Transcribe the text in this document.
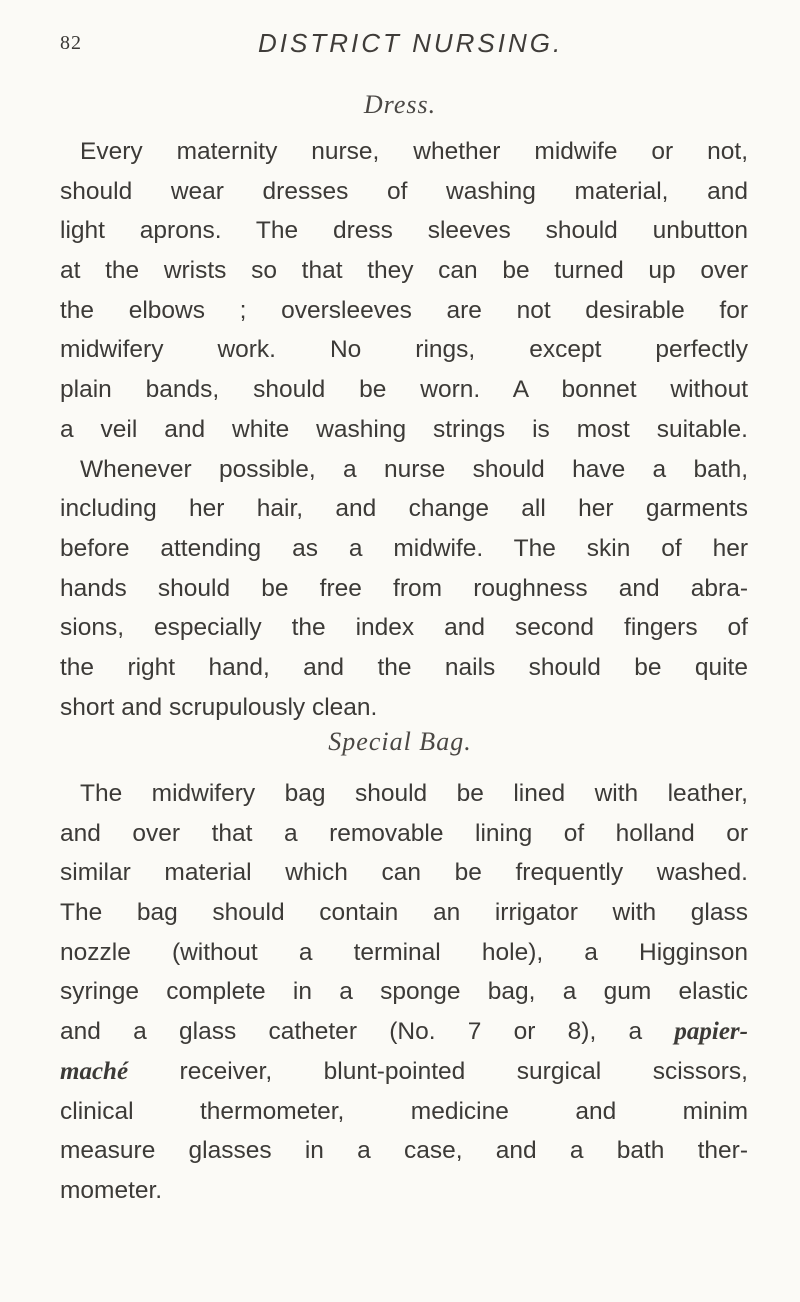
82	DISTRICT NURSING.
Dress.
Every maternity nurse, whether midwife or not,
should wear dresses of washing material, and
light aprons. The dress sleeves should unbutton
at the wrists so that they can be turned up over
the elbows ; oversleeves are not desirable for
midwifery work. No rings, except perfectly
plain bands, should be worn. A bonnet without
a veil and white washing strings is most suitable.
Whenever possible, a nurse should have a bath,
including her hair, and change all her garments
before attending as a midwife. The skin of her
hands should be free from roughness and abra-
sions, especially the index and second fingers of
the right hand, and the nails should be quite
short and scrupulously clean.
Special Bag.
The midwifery bag should be lined with leather,
and over that a removable lining of holland or
similar material which can be frequently washed.
The bag should contain an irrigator with glass
nozzle (without a terminal hole), a Higginson
syringe complete in a sponge bag, a gum elastic
and a glass catheter (No. 7 or 8), a papier-
maché receiver, blunt-pointed surgical scissors,
clinical thermometer, medicine and minim
measure glasses in a case, and a bath ther-
mometer.
